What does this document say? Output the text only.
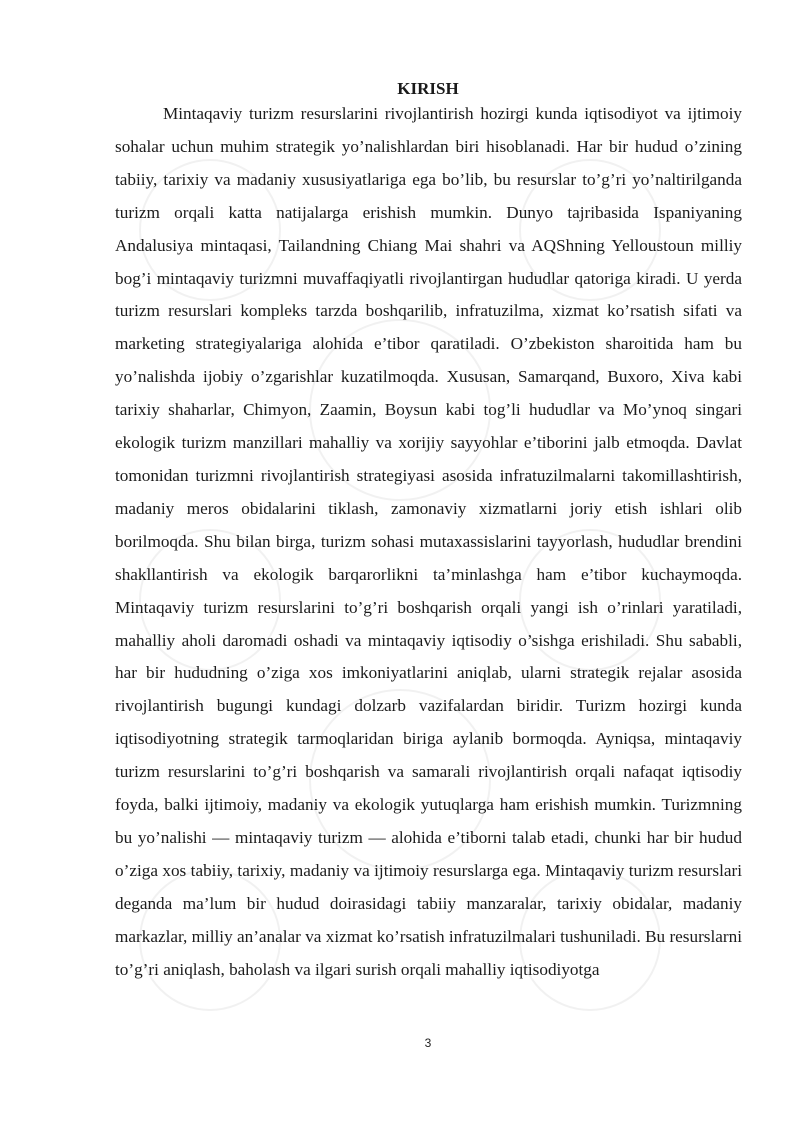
KIRISH

Mintaqaviy turizm resurslarini rivojlantirish hozirgi kunda iqtisodiyot va ijtimoiy sohalar uchun muhim strategik yo’nalishlardan biri hisoblanadi. Har bir hudud o’zining tabiiy, tarixiy va madaniy xususiyatlariga ega bo’lib, bu resurslar to’g’ri yo’naltirilganda turizm orqali katta natijalarga erishish mumkin. Dunyo tajribasida Ispaniyaning Andalusiya mintaqasi, Tailandning Chiang Mai shahri va AQShning Yelloustoun milliy bog’i mintaqaviy turizmni muvaffaqiyatli rivojlantirgan hududlar qatoriga kiradi. U yerda turizm resurslari kompleks tarzda boshqarilib, infratuzilma, xizmat ko’rsatish sifati va marketing strategiyalariga alohida e’tibor qaratiladi. O’zbekiston sharoitida ham bu yo’nalishda ijobiy o’zgarishlar kuzatilmoqda. Xususan, Samarqand, Buxoro, Xiva kabi tarixiy shaharlar, Chimyon, Zaamin, Boysun kabi tog’li hududlar va Mo’ynoq singari ekologik turizm manzillari mahalliy va xorijiy sayyohlar e’tiborini jalb etmoqda. Davlat tomonidan turizmni rivojlantirish strategiyasi asosida infratuzilmalarni takomillashtirish, madaniy meros obidalarini tiklash, zamonaviy xizmatlarni joriy etish ishlari olib borilmoqda. Shu bilan birga, turizm sohasi mutaxassislarini tayyorlash, hududlar brendini shakllantirish va ekologik barqarorlikni ta’minlashga ham e’tibor kuchaymoqda. Mintaqaviy turizm resurslarini to’g’ri boshqarish orqali yangi ish o’rinlari yaratiladi, mahalliy aholi daromadi oshadi va mintaqaviy iqtisodiy o’sishga erishiladi. Shu sababli, har bir hududning o’ziga xos imkoniyatlarini aniqlab, ularni strategik rejalar asosida rivojlantirish bugungi kundagi dolzarb vazifalardan biridir. Turizm hozirgi kunda iqtisodiyotning strategik tarmoqlaridan biriga aylanib bormoqda. Ayniqsa, mintaqaviy turizm resurslarini to’g’ri boshqarish va samarali rivojlantirish orqali nafaqat iqtisodiy foyda, balki ijtimoiy, madaniy va ekologik yutuqlarga ham erishish mumkin. Turizmning bu yo’nalishi — mintaqaviy turizm — alohida e’tiborni talab etadi, chunki har bir hudud o’ziga xos tabiiy, tarixiy, madaniy va ijtimoiy resurslarga ega. Mintaqaviy turizm resurslari deganda ma’lum bir hudud doirasidagi tabiiy manzaralar, tarixiy obidalar, madaniy markazlar, milliy an’analar va xizmat ko’rsatish infratuzilmalari tushuniladi. Bu resurslarni to’g’ri aniqlash, baholash va ilgari surish orqali mahalliy iqtisodiyotga

3
